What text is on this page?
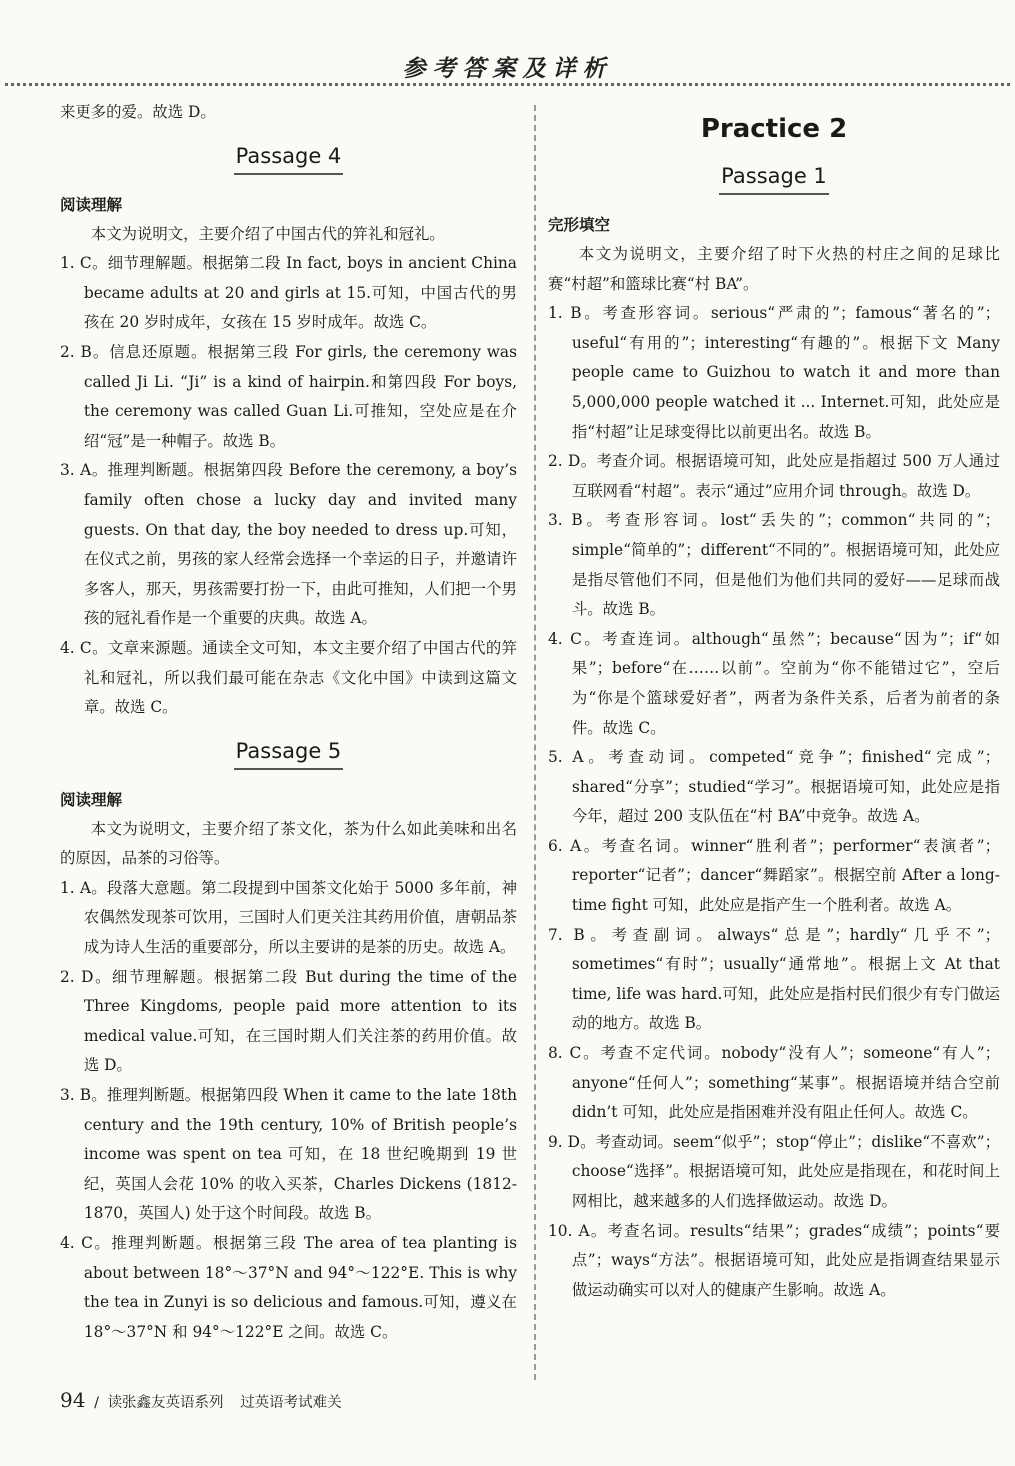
参考答案及详析

来更多的爱。故选 D。

Passage 4
阅读理解

本文为说明文，主要介绍了中国古代的笄礼和冠礼。

1. C。细节理解题。根据第二段 In fact, boys in ancient China became adults at 20 and girls at 15.可知，中国古代的男孩在 20 岁时成年，女孩在 15 岁时成年。故选 C。

2. B。信息还原题。根据第三段 For girls, the ceremony was called Ji Li. “Ji” is a kind of hairpin.和第四段 For boys, the ceremony was called Guan Li.可推知，空处应是在介绍“冠”是一种帽子。故选 B。

3. A。推理判断题。根据第四段 Before the ceremony, a boy’s family often chose a lucky day and invited many guests. On that day, the boy needed to dress up.可知，在仪式之前，男孩的家人经常会选择一个幸运的日子，并邀请许多客人，那天，男孩需要打扮一下，由此可推知，人们把一个男孩的冠礼看作是一个重要的庆典。故选 A。

4. C。文章来源题。通读全文可知，本文主要介绍了中国古代的笄礼和冠礼，所以我们最可能在杂志《文化中国》中读到这篇文章。故选 C。

Passage 5
阅读理解

本文为说明文，主要介绍了茶文化，茶为什么如此美味和出名的原因，品茶的习俗等。

1. A。段落大意题。第二段提到中国茶文化始于 5000 多年前，神农偶然发现茶可饮用，三国时人们更关注其药用价值，唐朝品茶成为诗人生活的重要部分，所以主要讲的是茶的历史。故选 A。

2. D。细节理解题。根据第二段 But during the time of the Three Kingdoms, people paid more attention to its medical value.可知，在三国时期人们关注茶的药用价值。故选 D。

3. B。推理判断题。根据第四段 When it came to the late 18th century and the 19th century, 10% of British people’s income was spent on tea 可知，在 18 世纪晚期到 19 世纪，英国人会花 10% 的收入买茶，Charles Dickens (1812-1870，英国人) 处于这个时间段。故选 B。

4. C。推理判断题。根据第三段 The area of tea planting is about between 18°～37°N and 94°～122°E. This is why the tea in Zunyi is so delicious and famous.可知，遵义在 18°～37°N 和 94°～122°E 之间。故选 C。

Practice 2
Passage 1
完形填空

本文为说明文，主要介绍了时下火热的村庄之间的足球比赛“村超”和篮球比赛“村 BA”。

1. B。考查形容词。serious“严肃的”；famous“著名的”；useful“有用的”；interesting“有趣的”。根据下文 Many people came to Guizhou to watch it and more than 5,000,000 people watched it ... Internet.可知，此处应是指“村超”让足球变得比以前更出名。故选 B。

2. D。考查介词。根据语境可知，此处应是指超过 500 万人通过互联网看“村超”。表示“通过”应用介词 through。故选 D。

3. B。考查形容词。lost“丢失的”；common“共同的”；simple“简单的”；different“不同的”。根据语境可知，此处应是指尽管他们不同，但是他们为他们共同的爱好——足球而战斗。故选 B。

4. C。考查连词。although“虽然”；because“因为”；if“如果”；before“在……以前”。空前为“你不能错过它”，空后为“你是个篮球爱好者”，两者为条件关系，后者为前者的条件。故选 C。

5. A。考查动词。competed“竞争”；finished“完成”；shared“分享”；studied“学习”。根据语境可知，此处应是指今年，超过 200 支队伍在“村 BA”中竞争。故选 A。

6. A。考查名词。winner“胜利者”；performer“表演者”；reporter“记者”；dancer“舞蹈家”。根据空前 After a long-time fight 可知，此处应是指产生一个胜利者。故选 A。

7. B。考查副词。always“总是”；hardly“几乎不”；sometimes“有时”；usually“通常地”。根据上文 At that time, life was hard.可知，此处应是指村民们很少有专门做运动的地方。故选 B。

8. C。考查不定代词。nobody“没有人”；someone“有人”；anyone“任何人”；something“某事”。根据语境并结合空前 didn’t 可知，此处应是指困难并没有阻止任何人。故选 C。

9. D。考查动词。seem“似乎”；stop“停止”；dislike“不喜欢”；choose“选择”。根据语境可知，此处应是指现在，和花时间上网相比，越来越多的人们选择做运动。故选 D。

10. A。考查名词。results“结果”；grades“成绩”；points“要点”；ways“方法”。根据语境可知，此处应是指调查结果显示做运动确实可以对人的健康产生影响。故选 A。

94 / 读张鑫友英语系列 过英语考试难关
